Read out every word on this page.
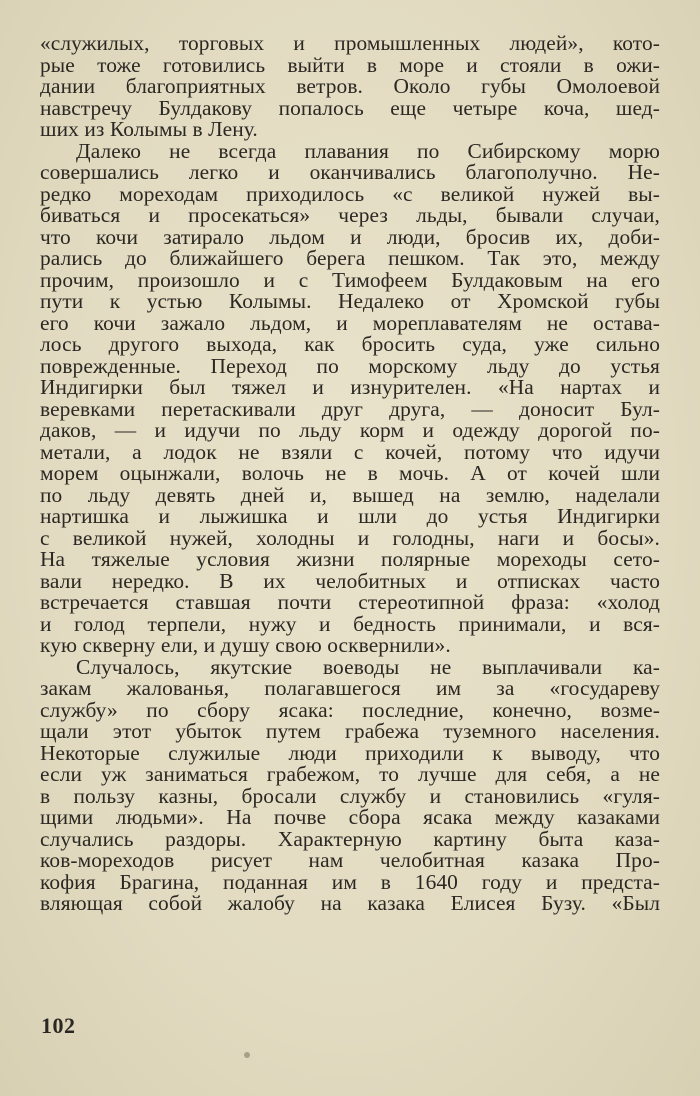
«служилых, торговых и промышленных людей», кото-
рые тоже готовились выйти в море и стояли в ожи-
дании благоприятных ветров. Около губы Омолоевой
навстречу Булдакову попалось еще четыре коча, шед-
ших из Колымы в Лену.
Далеко не всегда плавания по Сибирскому морю
совершались легко и оканчивались благополучно. Не-
редко мореходам приходилось «с великой нужей вы-
биваться и просекаться» через льды, бывали случаи,
что кочи затирало льдом и люди, бросив их, доби-
рались до ближайшего берега пешком. Так это, между
прочим, произошло и с Тимофеем Булдаковым на его
пути к устью Колымы. Недалеко от Хромской губы
его кочи зажало льдом, и мореплавателям не остава-
лось другого выхода, как бросить суда, уже сильно
поврежденные. Переход по морскому льду до устья
Индигирки был тяжел и изнурителен. «На нартах и
веревками перетаскивали друг друга, — доносит Бул-
даков, — и идучи по льду корм и одежду дорогой по-
метали, а лодок не взяли с кочей, потому что идучи
морем оцынжали, волочь не в мочь. А от кочей шли
по льду девять дней и, вышед на землю, наделали
нартишка и лыжишка и шли до устья Индигирки
с великой нужей, холодны и голодны, наги и босы».
На тяжелые условия жизни полярные мореходы сето-
вали нередко. В их челобитных и отписках часто
встречается ставшая почти стереотипной фраза: «холод
и голод терпели, нужу и бедность принимали, и вся-
кую скверну ели, и душу свою осквернили».
Случалось, якутские воеводы не выплачивали ка-
закам жалованья, полагавшегося им за «государеву
службу» по сбору ясака: последние, конечно, возме-
щали этот убыток путем грабежа туземного населения.
Некоторые служилые люди приходили к выводу, что
если уж заниматься грабежом, то лучше для себя, а не
в пользу казны, бросали службу и становились «гуля-
щими людьми». На почве сбора ясака между казаками
случались раздоры. Характерную картину быта каза-
ков-мореходов рисует нам челобитная казака Про-
кофия Брагина, поданная им в 1640 году и предста-
вляющая собой жалобу на казака Елисея Бузу. «Был
102
